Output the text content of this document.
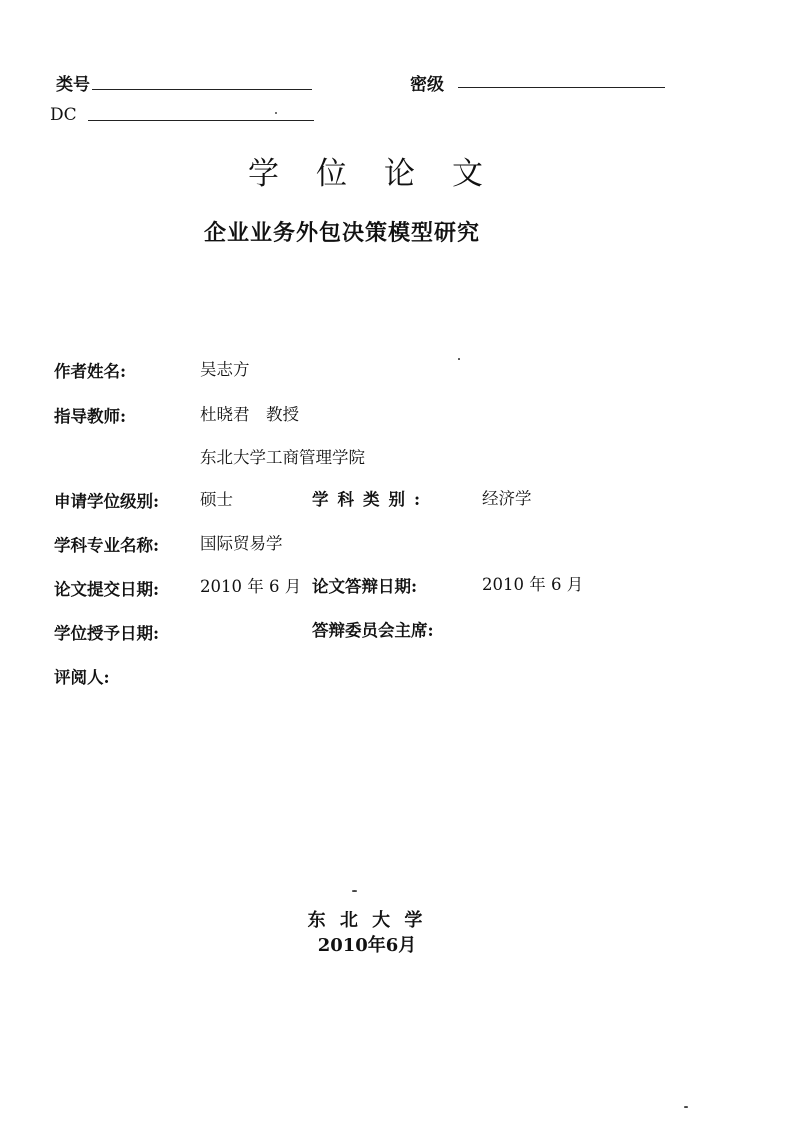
类号	密级
DC
学 位 论 文
企业业务外包决策模型研究
作者姓名:	吴志方
指导教师:	杜晓君　教授
东北大学工商管理学院
申请学位级别: 硕士	学科类别:	经济学
学科专业名称: 国际贸易学
论文提交日期: 2010 年 6 月 论文答辩日期:	2010 年 6 月
学位授予日期:	答辩委员会主席:
评阅人:
东 北 大 学
2010年6月
